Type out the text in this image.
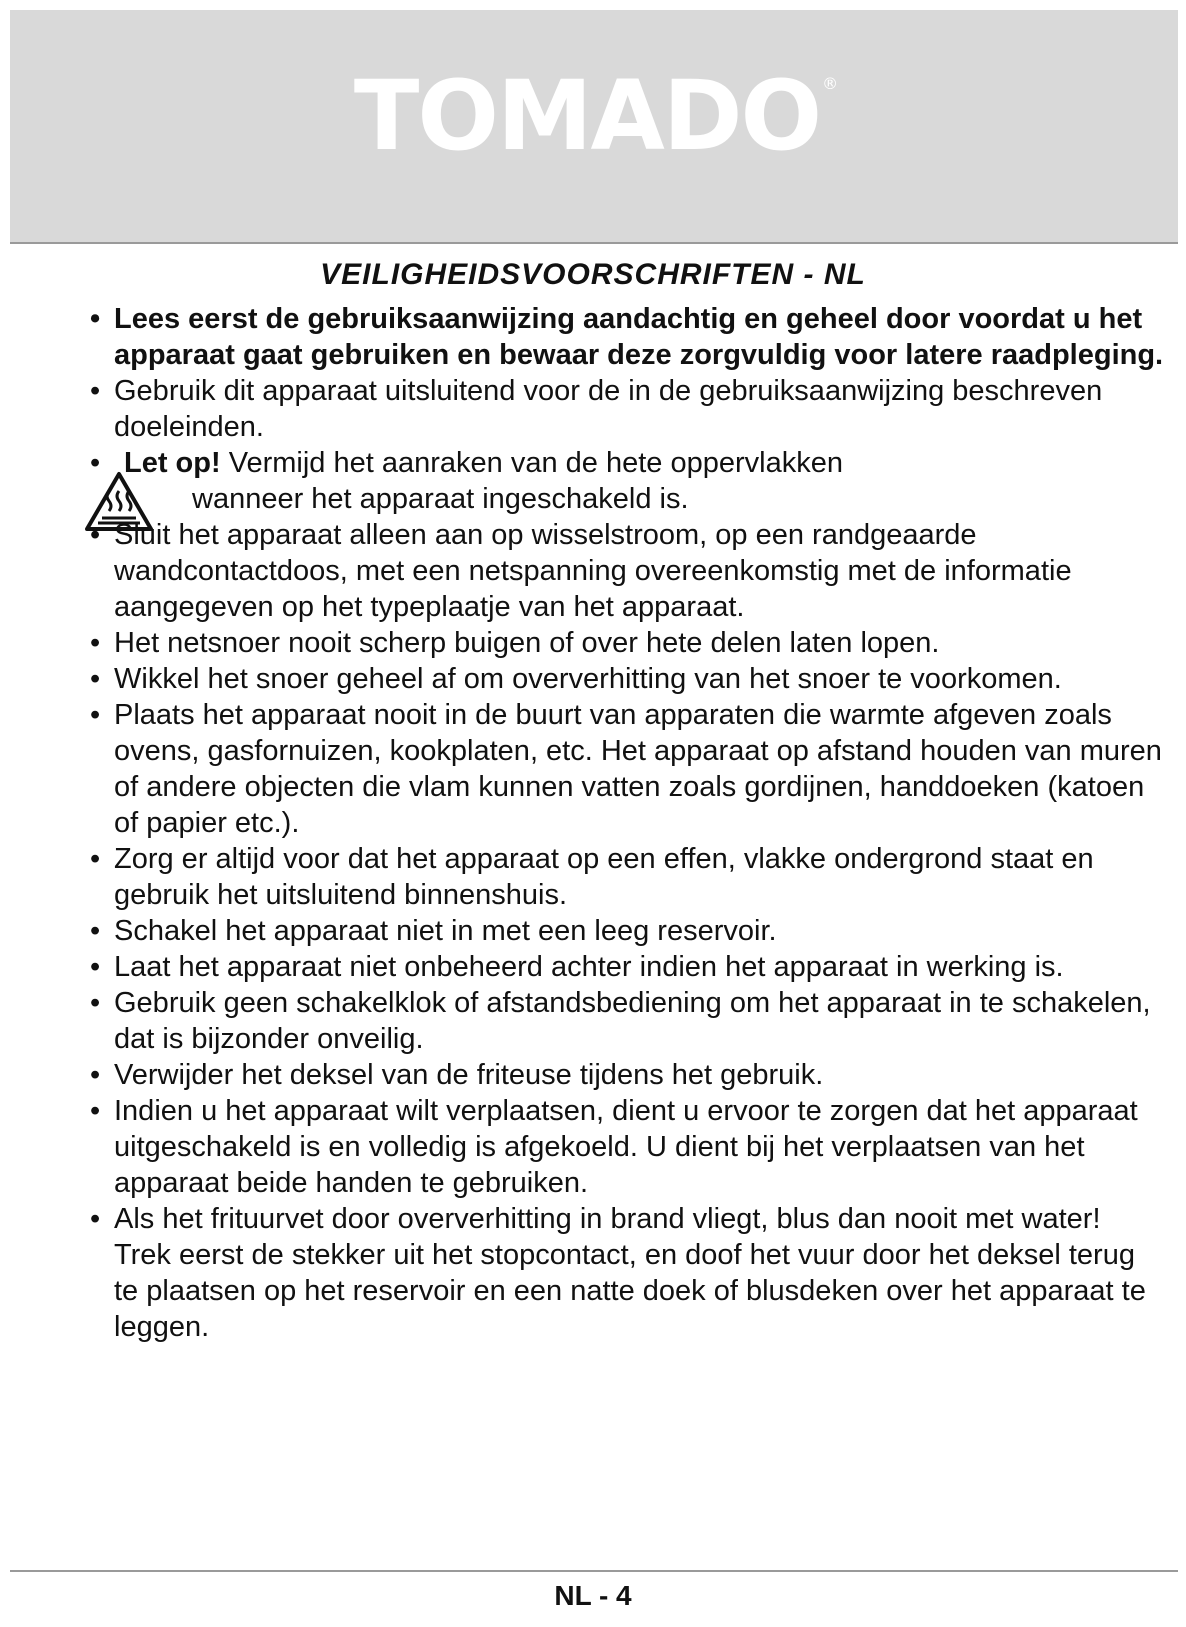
TOMADO ®
VEILIGHEIDSVOORSCHRIFTEN - NL
• Lees eerst de gebruiksaanwijzing aandachtig en geheel door voordat u het apparaat gaat gebruiken en bewaar deze zorgvuldig voor latere raadpleging.
• Gebruik dit apparaat uitsluitend voor de in de gebruiksaanwijzing beschreven doeleinden.
• Let op! Vermijd het aanraken van de hete oppervlakken
wanneer het apparaat ingeschakeld is.
• Sluit het apparaat alleen aan op wisselstroom, op een randgeaarde wandcontactdoos, met een netspanning overeenkomstig met de informatie aangegeven op het typeplaatje van het apparaat.
• Het netsnoer nooit scherp buigen of over hete delen laten lopen.
• Wikkel het snoer geheel af om oververhitting van het snoer te voorkomen.
• Plaats het apparaat nooit in de buurt van apparaten die warmte afgeven zoals ovens, gasfornuizen, kookplaten, etc. Het apparaat op afstand houden van muren of andere objecten die vlam kunnen vatten zoals gordijnen, handdoeken (katoen of papier etc.).
• Zorg er altijd voor dat het apparaat op een effen, vlakke ondergrond staat en gebruik het uitsluitend binnenshuis.
• Schakel het apparaat niet in met een leeg reservoir.
• Laat het apparaat niet onbeheerd achter indien het apparaat in werking is.
• Gebruik geen schakelklok of afstandsbediening om het apparaat in te schakelen, dat is bijzonder onveilig.
• Verwijder het deksel van de friteuse tijdens het gebruik.
• Indien u het apparaat wilt verplaatsen, dient u ervoor te zorgen dat het apparaat uitgeschakeld is en volledig is afgekoeld. U dient bij het verplaatsen van het apparaat beide handen te gebruiken.
• Als het frituurvet door oververhitting in brand vliegt, blus dan nooit met water! Trek eerst de stekker uit het stopcontact, en doof het vuur door het deksel terug te plaatsen op het reservoir en een natte doek of blusdeken over het apparaat te leggen.
NL - 4
